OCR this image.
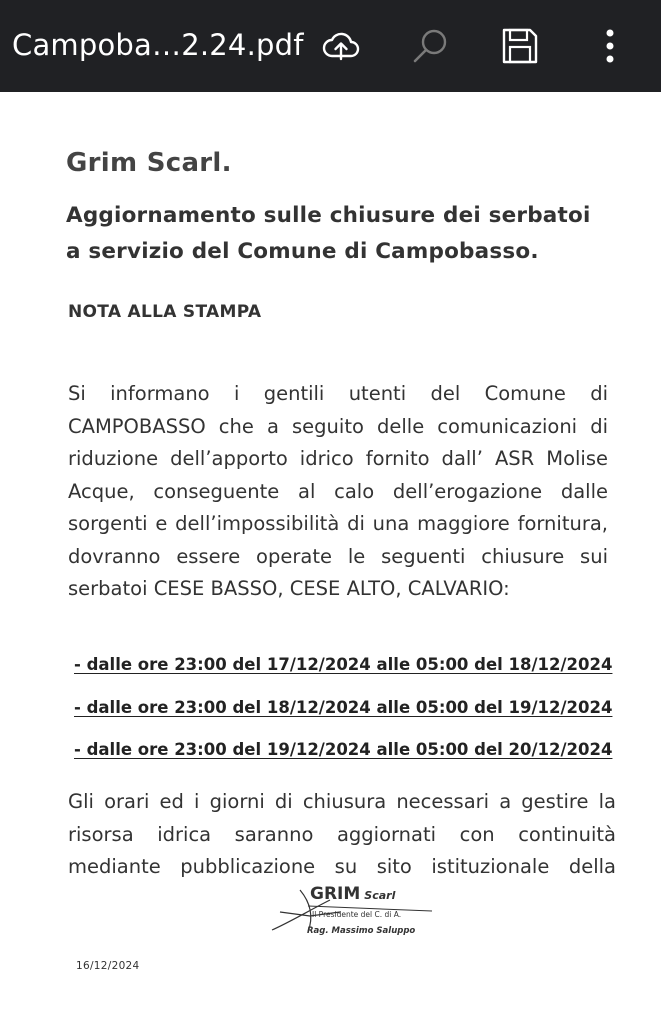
Campoba…2.24.pdf
Grim Scarl.
Aggiornamento sulle chiusure dei serbatoi a servizio del Comune di Campobasso.
NOTA ALLA STAMPA
Si informano i gentili utenti del Comune di CAMPOBASSO che a seguito delle comunicazioni di riduzione dell’apporto idrico fornito dall’ ASR Molise Acque, conseguente al calo dell’erogazione dalle sorgenti e dell’impossibilità di una maggiore fornitura, dovranno essere operate le seguenti chiusure sui serbatoi CESE BASSO, CESE ALTO, CALVARIO:
- dalle ore 23:00 del 17/12/2024 alle 05:00 del 18/12/2024
- dalle ore 23:00 del 18/12/2024 alle 05:00 del 19/12/2024
- dalle ore 23:00 del 19/12/2024 alle 05:00 del 20/12/2024
Gli orari ed i giorni di chiusura necessari a gestire la risorsa idrica saranno aggiornati con continuità mediante pubblicazione su sito istituzionale della
GRIM Scarl
Il Presidente del C. di A.
Rag. Massimo Saluppo
16/12/2024
